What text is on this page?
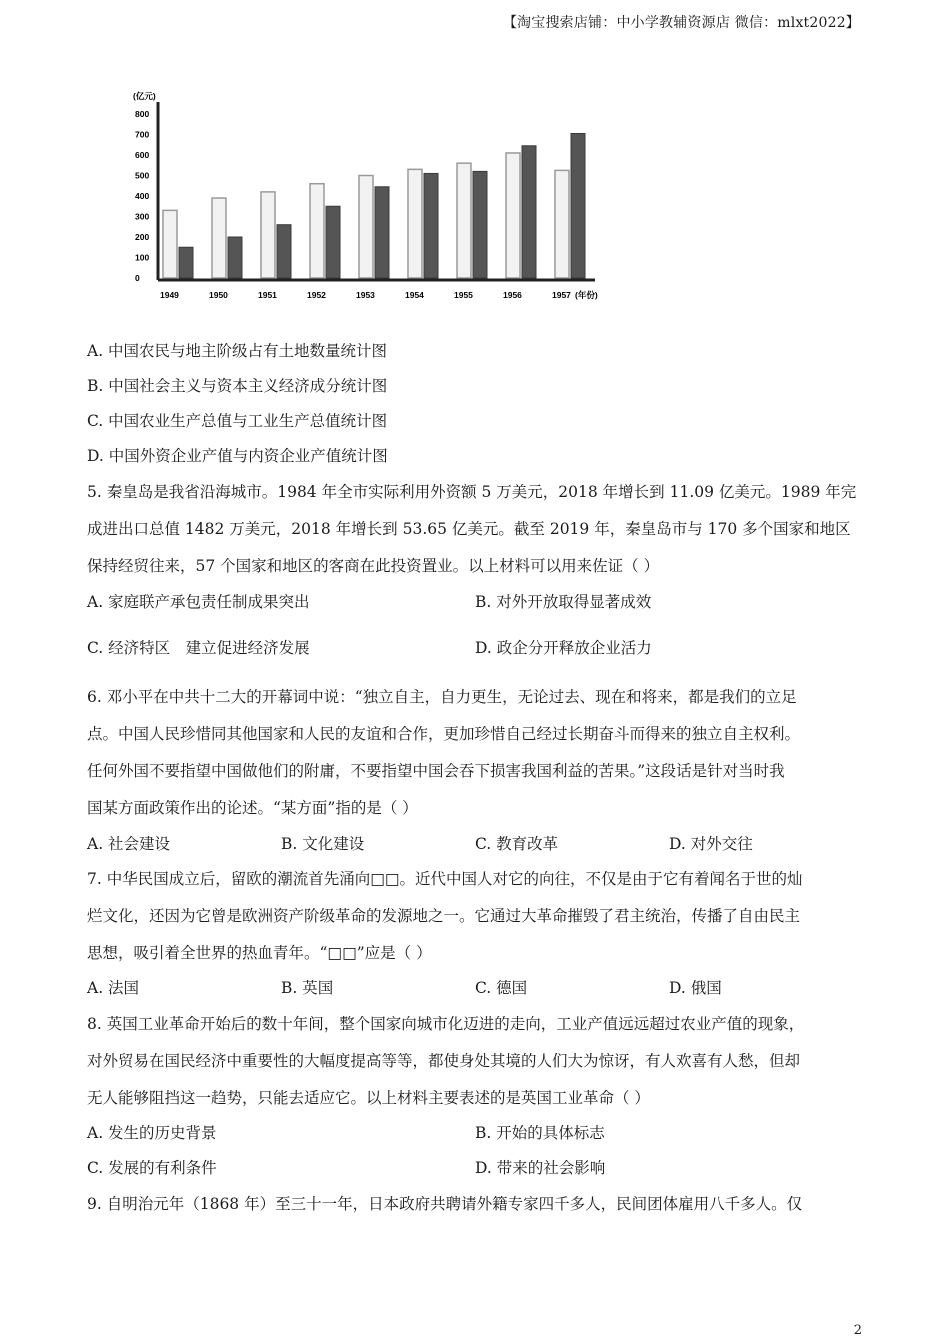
【淘宝搜索店铺：中小学教辅资源店 微信：mlxt2022】
(亿元)
800
700
600
500
400
300
200
100
0
1949	1950	1951	1952	1953	1954	1955	1956	1957 (年份)
A. 中国农民与地主阶级占有土地数量统计图
B. 中国社会主义与资本主义经济成分统计图
C. 中国农业生产总值与工业生产总值统计图
D. 中国外资企业产值与内资企业产值统计图
5. 秦皇岛是我省沿海城市。1984 年全市实际利用外资额 5 万美元，2018 年增长到 11.09 亿美元。1989 年完
成进出口总值 1482 万美元，2018 年增长到 53.65 亿美元。截至 2019 年，秦皇岛市与 170 多个国家和地区
保持经贸往来，57 个国家和地区的客商在此投资置业。以上材料可以用来佐证（ ）
A. 家庭联产承包责任制成果突出	B. 对外开放取得显著成效
C. 经济特区　建立促进经济发展	D. 政企分开释放企业活力
6. 邓小平在中共十二大的开幕词中说：“独立自主，自力更生，无论过去、现在和将来，都是我们的立足
点。中国人民珍惜同其他国家和人民的友谊和合作，更加珍惜自己经过长期奋斗而得来的独立自主权利。
任何外国不要指望中国做他们的附庸，不要指望中国会吞下损害我国利益的苦果。”这段话是针对当时我
国某方面政策作出的论述。“某方面”指的是（ ）
A. 社会建设	B. 文化建设	C. 教育改革	D. 对外交往
7. 中华民国成立后，留欧的潮流首先涌向□□。近代中国人对它的向往，不仅是由于它有着闻名于世的灿
烂文化，还因为它曾是欧洲资产阶级革命的发源地之一。它通过大革命摧毁了君主统治，传播了自由民主
思想，吸引着全世界的热血青年。“□□”应是（ ）
A. 法国	B. 英国	C. 德国	D. 俄国
8. 英国工业革命开始后的数十年间，整个国家向城市化迈进的走向，工业产值远远超过农业产值的现象，
对外贸易在国民经济中重要性的大幅度提高等等，都使身处其境的人们大为惊讶，有人欢喜有人愁，但却
无人能够阻挡这一趋势，只能去适应它。以上材料主要表述的是英国工业革命（ ）
A. 发生的历史背景	B. 开始的具体标志
C. 发展的有利条件	D. 带来的社会影响
9. 自明治元年（1868 年）至三十一年，日本政府共聘请外籍专家四千多人，民间团体雇用八千多人。仅
2
